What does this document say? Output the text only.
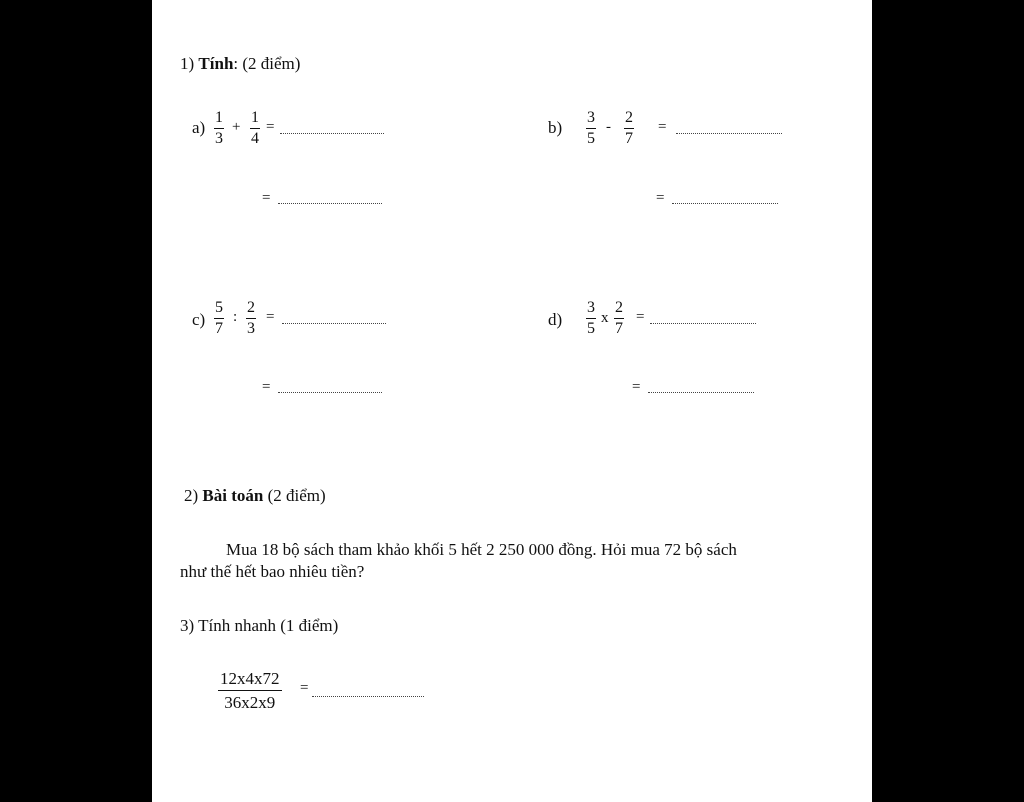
1) Tính: (2 điểm)
$a) \frac{1}{3} + \frac{1}{4}$ =
=
$b) \frac{3}{5} - \frac{2}{7}$ =
=
$c) \frac{5}{7}$ : $\frac{2}{3}$ =
=
$d) \frac{3}{5}$ x $\frac{2}{7}$ =
=
2) Bài toán (2 điểm)
Mua 18 bộ sách tham khảo khối 5 hết 2 250 000 đồng. Hỏi mua 72 bộ sách
như thế hết bao nhiêu tiền?
3) Tính nhanh (1 điểm)
$\frac{12x4x72}{36x2x9}$ =
